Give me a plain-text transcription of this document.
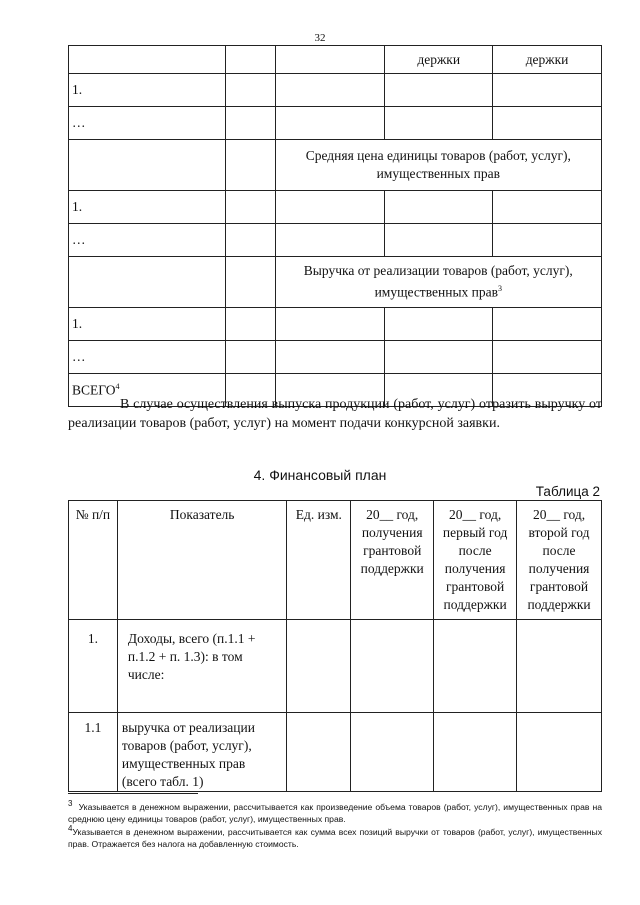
32
			держки	держки
1.				
…				
		Средняя цена единицы товаров (работ, услуг), имущественных прав		
1.				
…				
		Выручка от реализации товаров (работ, услуг), имущественных прав$^3$
1.				
…				
ВСЕГО$^4$				
В случае осуществления выпуска продукции (работ, услуг) отразить выручку от реализации товаров (работ, услуг) на момент подачи конкурсной заявки.
4. Финансовый план
Таблица 2
№ п/п	Показатель	Ед. изм.	20__ год, получения грантовой поддержки	20__ год, первый год после получения грантовой поддержки	20__ год, второй год после получения грантовой поддержки
1.	Доходы, всего (п.1.1 + п.1.2 + п. 1.3): в том числе:				
1.1	выручка от реализации товаров (работ, услуг), имущественных прав (всего табл. 1)				
$^3$ Указывается в денежном выражении, рассчитывается как произведение объема товаров (работ, услуг), имущественных прав на среднюю цену единицы товаров (работ, услуг), имущественных прав.
$^4$Указывается в денежном выражении, рассчитывается как сумма всех позиций выручки от товаров (работ, услуг), имущественных прав. Отражается без налога на добавленную стоимость.
